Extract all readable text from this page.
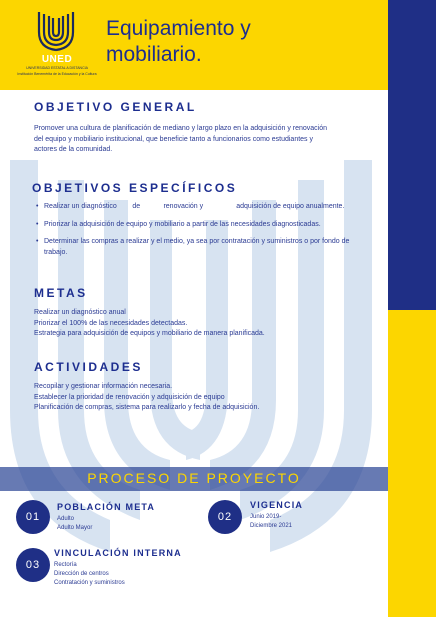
UNED
UNIVERSIDAD ESTATAL A DISTANCIA
Institución Benemérita de la Educación y la Cultura
Equipamiento y
mobiliario.
OBJETIVO GENERAL
Promover una cultura de planificación de mediano y largo plazo en la adquisición y renovación
del equipo y mobiliario institucional, que beneficie tanto a funcionarios como estudiantes y
actores de la comunidad.
OBJETIVOS ESPECÍFICOS
• Realizar un diagnóstico        de            renovación y                 adquisición de equipo anualmente.
• Priorizar la adquisición de equipo y mobiliario a partir de las necesidades diagnosticadas.
• Determinar las compras a realizar y el medio, ya sea por contratación y suministros o por fondo de trabajo.
METAS
Realizar un diagnóstico anual
Priorizar el 100% de las necesidades detectadas.
Estrategia para adquisición de equipos y mobiliario de manera planificada.
ACTIVIDADES
Recopilar y gestionar información necesaria.
Establecer la prioridad de renovación y adquisición de equipo
Planificación de compras, sistema para realizarlo y fecha de adquisición.
PROCESO DE PROYECTO
01
POBLACIÓN META
Adulto
Adulto Mayor
02
VIGENCIA
Junio 2019-
Diciembre 2021
03
VINCULACIÓN INTERNA
Rectoría
Dirección de centros
Contratación y suministros
